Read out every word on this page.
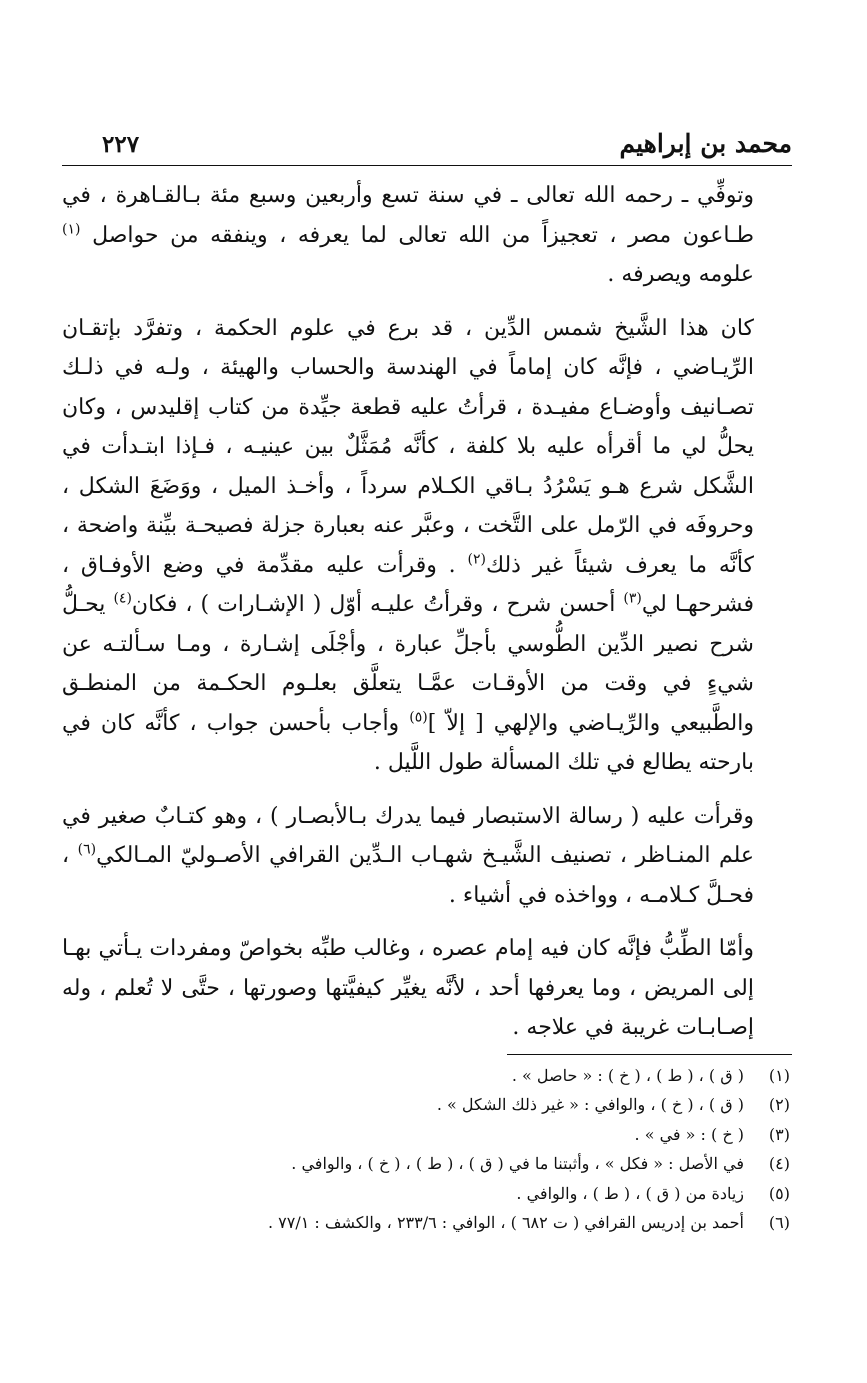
محمد بن إبراهيم
٢٢٧

وتوفِّي ـ رحمه الله تعالى ـ في سنة تسع وأربعين وسبع مئة بـالقـاهرة ، في طـاعون مصر ، تعجيزاً من الله تعالى لما يعرفه ، وينفقه من حواصل $^{(١)}$ علومه ويصرفه .

كان هذا الشَّيخ شمس الدِّين ، قد برع في علوم الحكمة ، وتفرَّد بإتقـان الرِّيـاضي ، فإنَّه كان إماماً في الهندسة والحساب والهيئة ، ولـه في ذلـك تصـانيف وأوضـاع مفيـدة ، قرأتُ عليه قطعة جيِّدة من كتاب إقليدس ، وكان يحلُّ لي ما أقرأه عليه بلا كلفة ، كأنَّه مُمَثَّلٌ بين عينيـه ، فـإذا ابتـدأت في الشَّكل شرع هـو يَسْرُدُ بـاقي الكـلام سرداً ، وأخـذ الميل ، ووَضَعَ الشكل ، وحروفَه في الرّمل على التَّخت ، وعبَّر عنه بعبارة جزلة فصيحـة بيِّنة واضحة ، كأنَّه ما يعرف شيئاً غير ذلك$^{(٢)}$ . وقرأت عليه مقدِّمة في وضع الأوفـاق ، فشرحهـا لي$^{(٣)}$ أحسن شرح ، وقرأتُ عليـه أوّل ( الإشـارات ) ، فكان$^{(٤)}$ يحـلُّ شرح نصير الدِّين الطُّوسي بأجلِّ عبارة ، وأجْلَى إشـارة ، ومـا سـألتـه عن شيءٍ في وقت من الأوقـات عمَّـا يتعلَّق بعلـوم الحكـمة من المنطـق والطَّبيعي والرِّيـاضي والإلهي [ إلاّ ]$^{(٥)}$ وأجاب بأحسن جواب ، كأنَّه كان في بارحته يطالع في تلك المسألة طول اللَّيل .

وقرأت عليه ( رسالة الاستبصار فيما يدرك بـالأبصـار ) ، وهو كتـابٌ صغير في علم المنـاظر ، تصنيف الشَّيـخ شهـاب الـدِّين القرافي الأصـوليّ المـالكي$^{(٦)}$ ، فحـلَّ كـلامـه ، وواخذه في أشياء .

وأمّا الطِّبُّ فإنَّه كان فيه إمام عصره ، وغالب طبِّه بخواصّ ومفردات يـأتي بهـا إلى المريض ، وما يعرفها أحد ، لأنَّه يغيِّر كيفيَّتها وصورتها ، حتَّى لا تُعلم ، وله إصـابـات غريبة في علاجه .

(١)
( ق ) ، ( ط ) ، ( خ ) : « حاصل » .
(٢)
( ق ) ، ( خ ) ، والوافي : « غير ذلك الشكل » .
(٣)
( خ ) : « في » .
(٤)
في الأصل : « فكل » ، وأثبتنا ما في ( ق ) ، ( ط ) ، ( خ ) ، والوافي .
(٥)
زيادة من ( ق ) ، ( ط ) ، والوافي .
(٦)
أحمد بن إدريس القرافي ( ت ٦٨٢ ) ، الوافي : ٢٣٣/٦ ، والكشف : ٧٧/١ .
